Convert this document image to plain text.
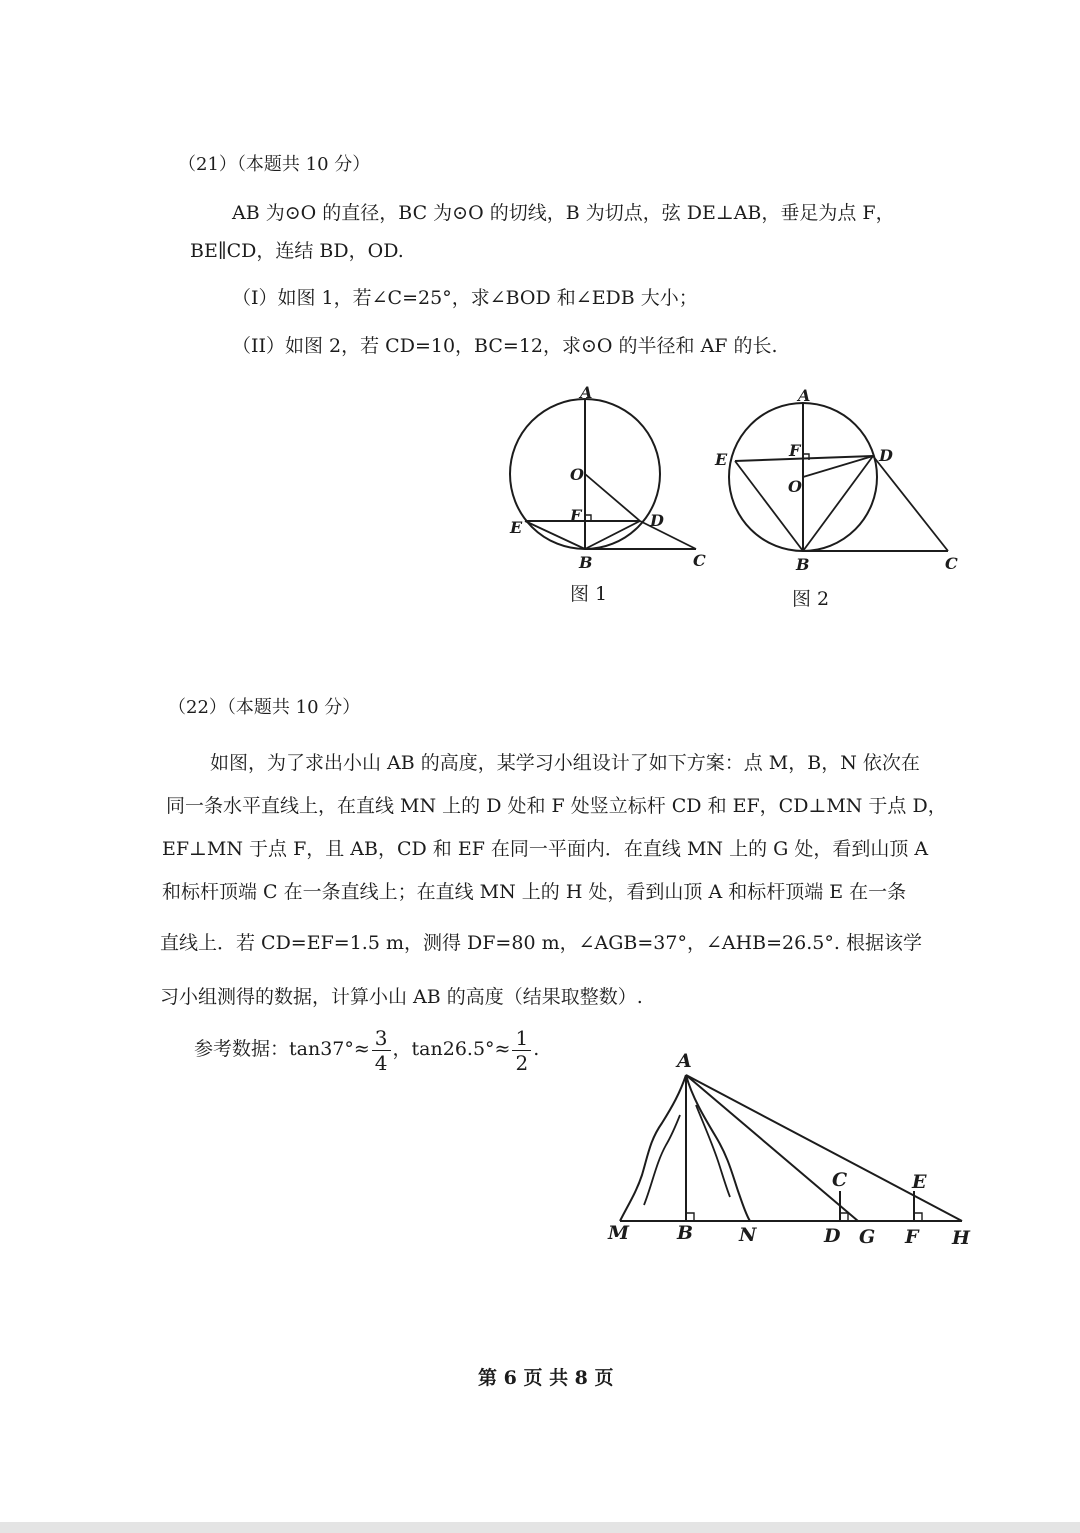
（21）（本题共 10 分）
AB 为⊙O 的直径，BC 为⊙O 的切线，B 为切点，弦 DE⊥AB，垂足为点 F，
BE∥CD，连结 BD，OD.
（I）如图 1，若∠C=25°，求∠BOD 和∠EDB 大小；
（II）如图 2，若 CD=10，BC=12，求⊙O 的半径和 AF 的长.
A
O
F
E	D
B	C
图 1
A
F
E	D
O
B	C
图 2
（22）（本题共 10 分）
如图，为了求出小山 AB 的高度，某学习小组设计了如下方案：点 M，B，N 依次在
同一条水平直线上，在直线 MN 上的 D 处和 F 处竖立标杆 CD 和 EF，CD⊥MN 于点 D，
EF⊥MN 于点 F，且 AB，CD 和 EF 在同一平面内．在直线 MN 上的 G 处，看到山顶 A
和标杆顶端 C 在一条直线上；在直线 MN 上的 H 处，看到山顶 A 和标杆顶端 E 在一条
直线上．若 CD=EF=1.5 m，测得 DF=80 m，∠AGB=37°，∠AHB=26.5°. 根据该学
习小组测得的数据，计算小山 AB 的高度（结果取整数）.
参考数据：$\tan 37^\circ\approx \frac{3}{4}$ ，$\tan 26.5^\circ\approx \frac{1}{2}$ .
A
C	E
M	B N	D G F H
第 6 页 共 8 页
